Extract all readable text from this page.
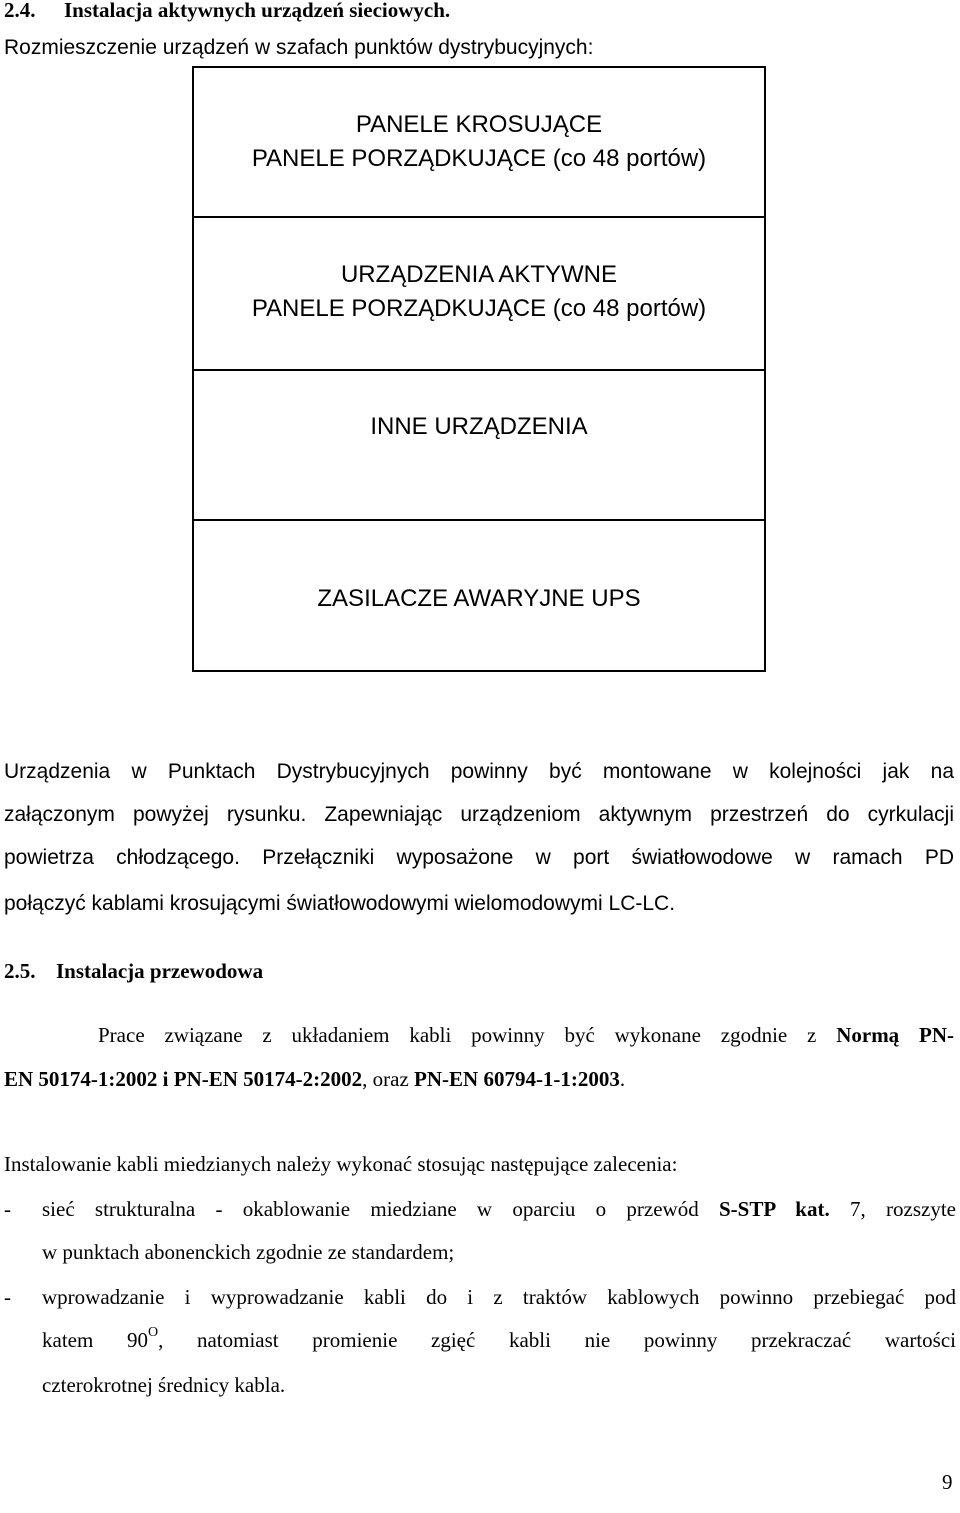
2.4. Instalacja aktywnych urządzeń sieciowych.
Rozmieszczenie urządzeń w szafach punktów dystrybucyjnych:
PANELE KROSUJĄCE
PANELE PORZĄDKUJĄCE (co 48 portów)
URZĄDZENIA AKTYWNE
PANELE PORZĄDKUJĄCE (co 48 portów)
INNE URZĄDZENIA
ZASILACZE AWARYJNE UPS
Urządzenia w Punktach Dystrybucyjnych powinny być montowane w kolejności jak na
załączonym powyżej rysunku. Zapewniając urządzeniom aktywnym przestrzeń do cyrkulacji
powietrza chłodzącego. Przełączniki wyposażone w port światłowodowe w ramach PD
połączyć kablami krosującymi światłowodowymi wielomodowymi LC-LC.
2.5. Instalacja przewodowa
Prace związane z układaniem kabli powinny być wykonane zgodnie z Normą PN-
EN 50174-1:2002 i PN-EN 50174-2:2002, oraz PN-EN 60794-1-1:2003.
Instalowanie kabli miedzianych należy wykonać stosując następujące zalecenia:
- sieć strukturalna - okablowanie miedziane w oparciu o przewód S-STP kat. 7, rozszyte
w punktach abonenckich zgodnie ze standardem;
- wprowadzanie i wyprowadzanie kabli do i z traktów kablowych powinno przebiegać pod
katem $90^O$, natomiast promienie zgięć kabli nie powinny przekraczać wartości
czterokrotnej średnicy kabla.
9
